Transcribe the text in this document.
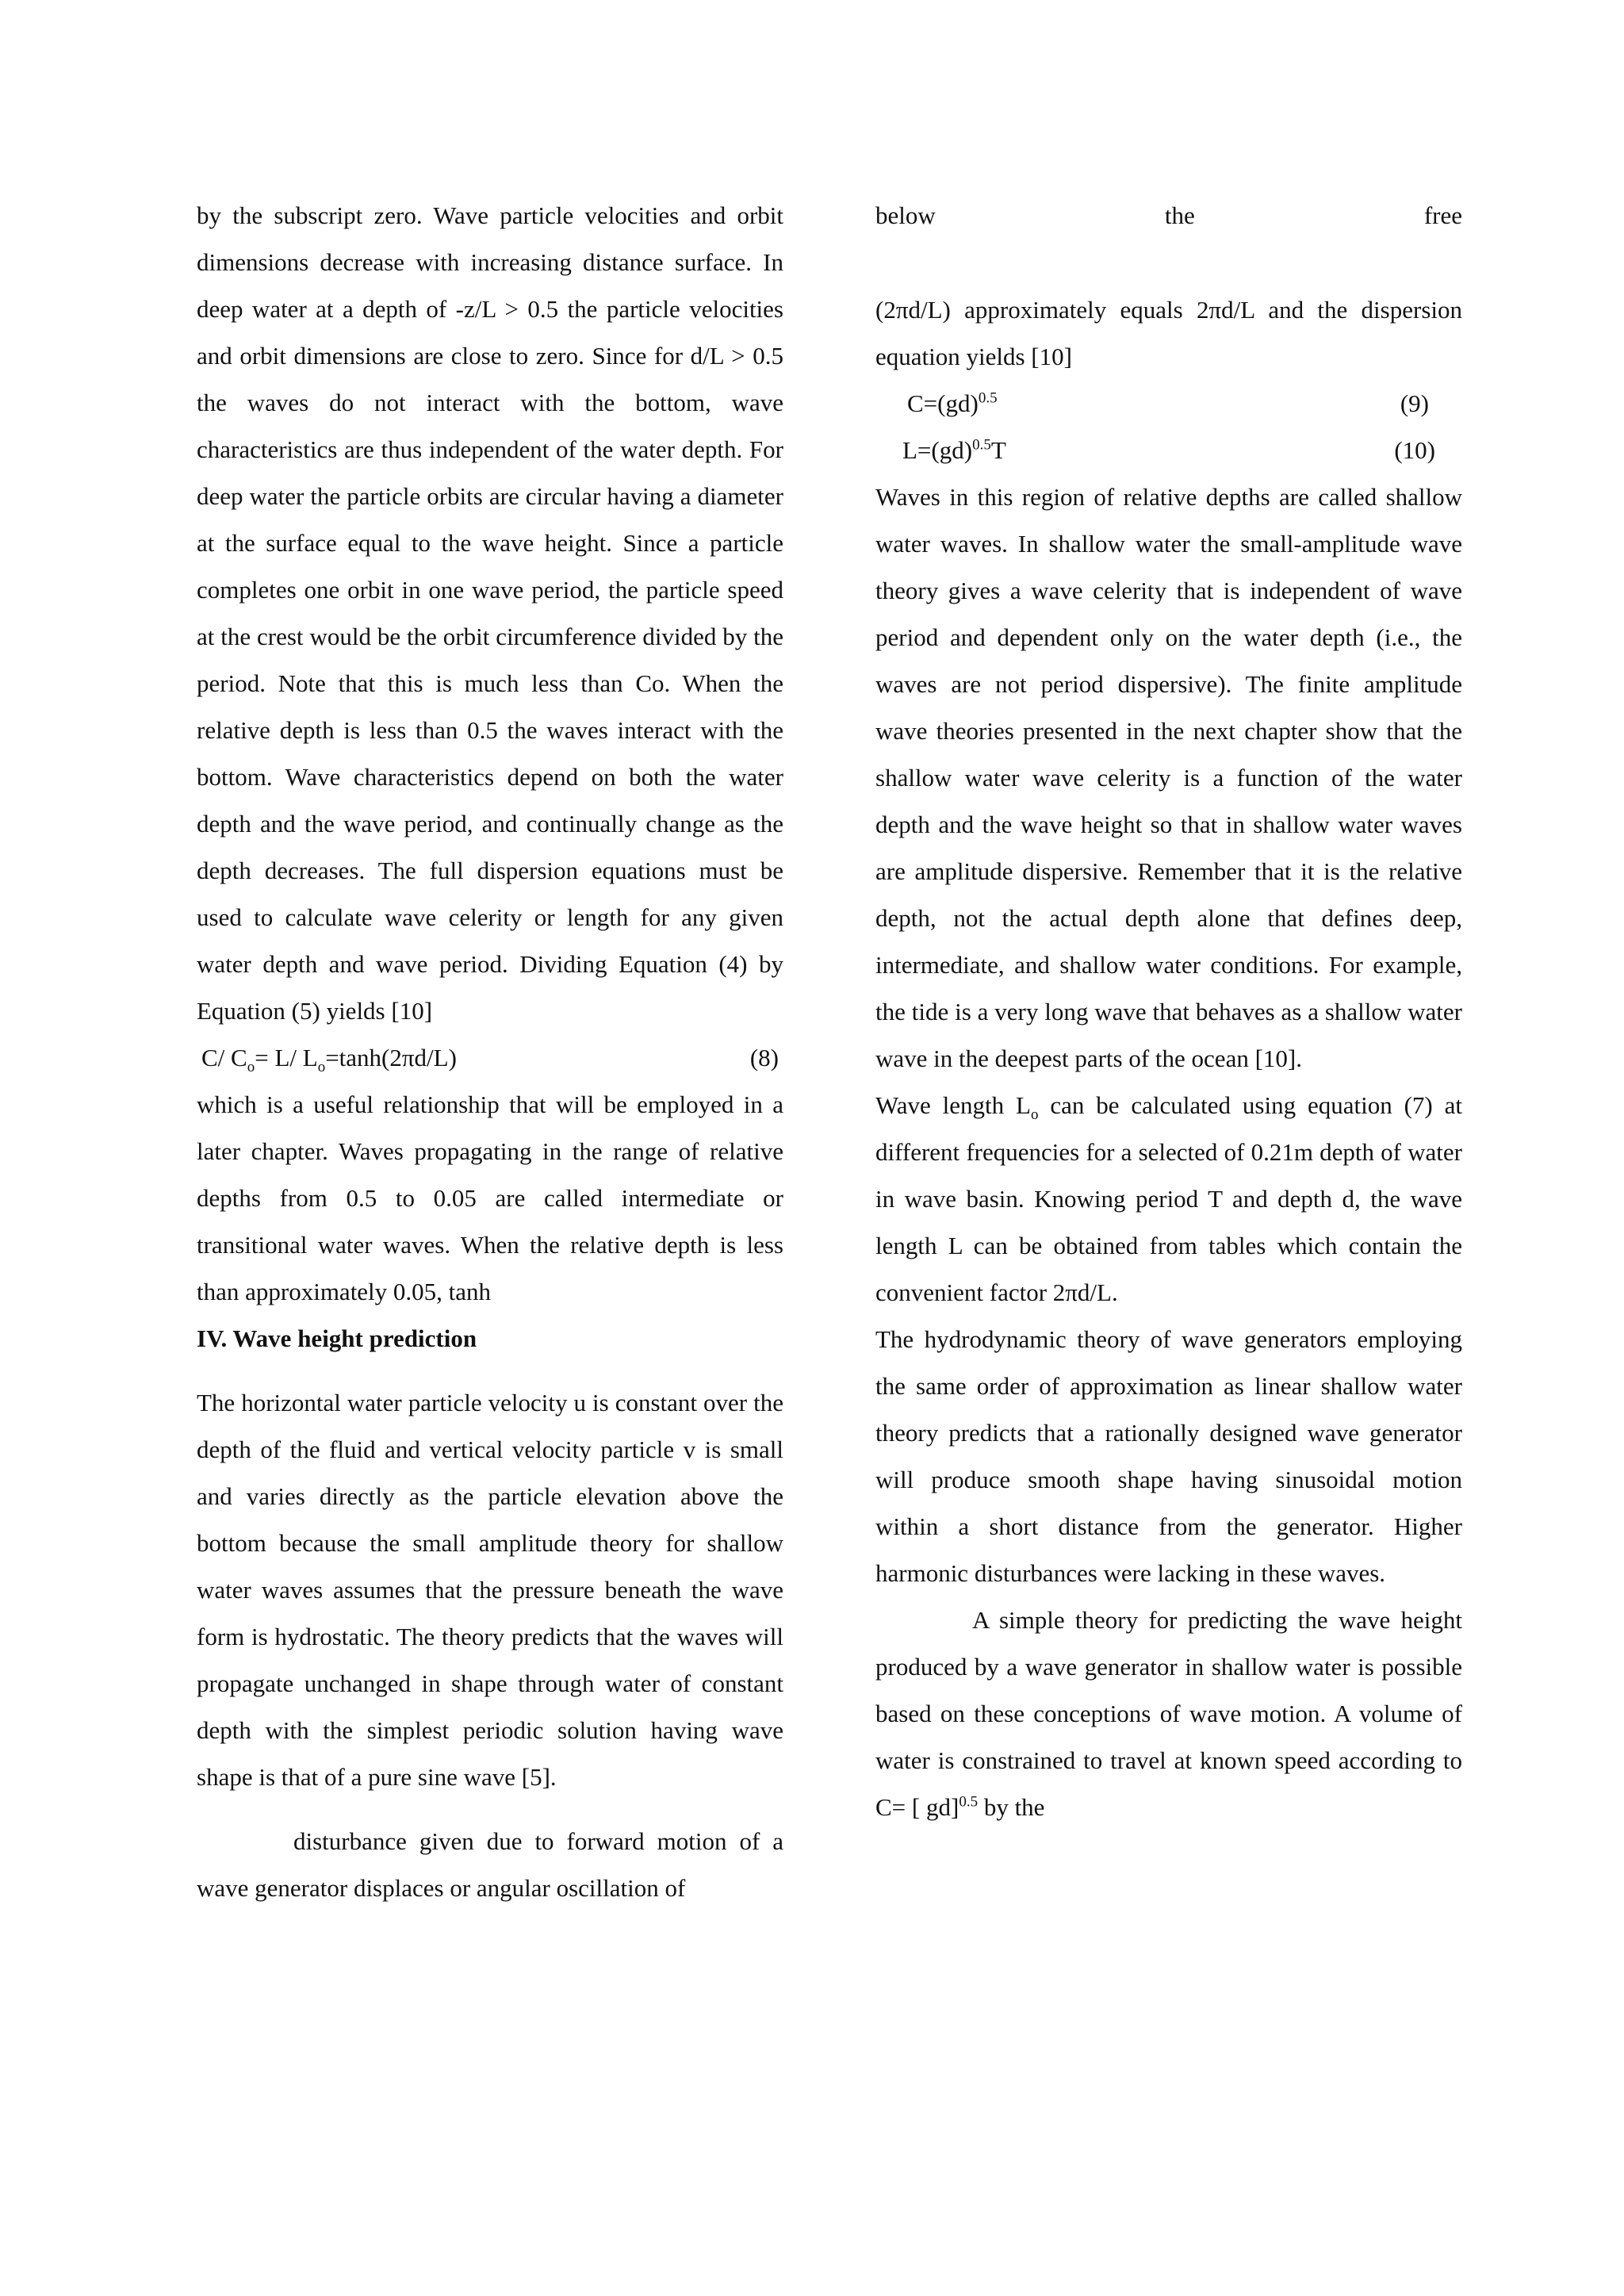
by the subscript zero. Wave particle velocities and orbit dimensions decrease with increasing distance surface. In deep water at a depth of -z/L > 0.5 the particle velocities and orbit dimensions are close to zero. Since for d/L > 0.5 the waves do not interact with the bottom, wave characteristics are thus independent of the water depth. For deep water the particle orbits are circular having a diameter at the surface equal to the wave height. Since a particle completes one orbit in one wave period, the particle speed at the crest would be the orbit circumference divided by the period. Note that this is much less than Co. When the relative depth is less than 0.5 the waves interact with the bottom. Wave characteristics depend on both the water depth and the wave period, and continually change as the depth decreases. The full dispersion equations must be used to calculate wave celerity or length for any given water depth and wave period. Dividing Equation (4) by Equation (5) yields [10]

C/ $C_o= L/$ $L_o=\tanh(2\pi d/L)$	(8)

which is a useful relationship that will be employed in a later chapter. Waves propagating in the range of relative depths from 0.5 to 0.05 are called intermediate or transitional water waves. When the relative depth is less than approximately 0.05, tanh

IV. Wave height prediction

The horizontal water particle velocity u is constant over the depth of the fluid and vertical velocity particle v is small and varies directly as the particle elevation above the bottom because the small amplitude theory for shallow water waves assumes that the pressure beneath the wave form is hydrostatic. The theory predicts that the waves will propagate unchanged in shape through water of constant depth with the simplest periodic solution having wave shape is that of a pure sine wave [5].

disturbance given due to forward motion of a wave generator displaces or angular oscillation of

below	the	free

(2πd/L) approximately equals 2πd/L and the dispersion equation yields [10]

C=(gd)$^{0.5}$	(9)
L=(gd)$^{0.5}$T	(10)

Waves in this region of relative depths are called shallow water waves. In shallow water the small-amplitude wave theory gives a wave celerity that is independent of wave period and dependent only on the water depth (i.e., the waves are not period dispersive). The finite amplitude wave theories presented in the next chapter show that the shallow water wave celerity is a function of the water depth and the wave height so that in shallow water waves are amplitude dispersive. Remember that it is the relative depth, not the actual depth alone that defines deep, intermediate, and shallow water conditions. For example, the tide is a very long wave that behaves as a shallow water wave in the deepest parts of the ocean [10].

Wave length $L_o$ can be calculated using equation (7) at different frequencies for a selected of 0.21m depth of water in wave basin. Knowing period T and depth d, the wave length L can be obtained from tables which contain the convenient factor 2πd/L.

The hydrodynamic theory of wave generators employing the same order of approximation as linear shallow water theory predicts that a rationally designed wave generator will produce smooth shape having sinusoidal motion within a short distance from the generator. Higher harmonic disturbances were lacking in these waves.

A simple theory for predicting the wave height produced by a wave generator in shallow water is possible based on these conceptions of wave motion. A volume of water is constrained to travel at known speed according to C= [ gd]$^{0.5}$ by the
